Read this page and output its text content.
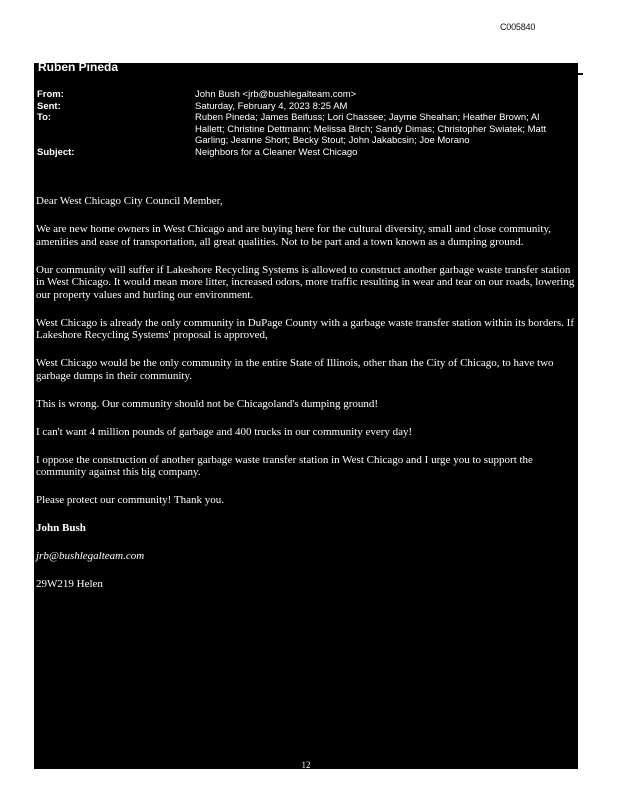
C005840
Ruben Pineda
From:	John Bush <jrb@bushlegalteam.com>
Sent:	Saturday, February 4, 2023 8:25 AM
To:	Ruben Pineda; James Beifuss; Lori Chassee; Jayme Sheahan; Heather Brown; Al Hallett; Christine Dettmann; Melissa Birch; Sandy Dimas; Christopher Swiatek; Matt Garling; Jeanne Short; Becky Stout; John Jakabcsin; Joe Morano
Subject:	Neighbors for a Cleaner West Chicago

Dear West Chicago City Council Member,

We are new home owners in West Chicago and are buying here for the cultural diversity, small and close community, amenities and ease of transportation, all great qualities. Not to be part and a town known as a dumping ground.

Our community will suffer if Lakeshore Recycling Systems is allowed to construct another garbage waste transfer station in West Chicago. It would mean more litter, increased odors, more traffic resulting in wear and tear on our roads, lowering our property values and hurling our environment.

West Chicago is already the only community in DuPage County with a garbage waste transfer station within its borders. If Lakeshore Recycling Systems' proposal is approved,

West Chicago would be the only community in the entire State of Illinois, other than the City of Chicago, to have two garbage dumps in their community.

This is wrong. Our community should not be Chicagoland's dumping ground!

I can't want 4 million pounds of garbage and 400 trucks in our community every day!

I oppose the construction of another garbage waste transfer station in West Chicago and I urge you to support the community against this big company.

Please protect our community! Thank you.

John Bush

jrb@bushlegalteam.com

29W219 Helen

12
